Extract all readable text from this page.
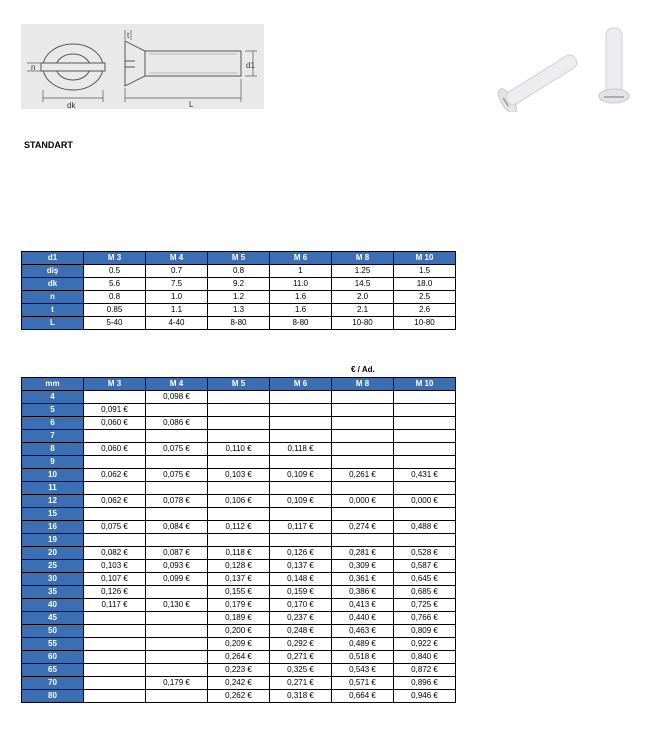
n
dk
t
d1
L
STANDART
d1	M 3	M 4	M 5	M 6	M 8	M 10
diş	0.5	0.7	0.8	1	1.25	1.5
dk	5.6	7.5	9.2	11.0	14.5	18.0
n	0.8	1.0	1.2	1.6	2.0	2.5
t	0.85	1.1	1.3	1.6	2.1	2.6
L	5-40	4-40	8-80	8-80	10-80	10-80
€ / Ad.
mm	M 3	M 4	M 5	M 6	M 8	M 10
4		0,098 €				
5	0,091 €					
6	0,060 €	0,086 €				
7						
8	0,060 €	0,075 €	0,110 €	0,118 €		
9						
10	0,062 €	0,075 €	0,103 €	0,109 €	0,261 €	0,431 €
11						
12	0,062 €	0,078 €	0,106 €	0,109 €	0,000 €	0,000 €
15						
16	0,075 €	0,084 €	0,112 €	0,117 €	0,274 €	0,488 €
19						
20	0,082 €	0,087 €	0,118 €	0,126 €	0,281 €	0,528 €
25	0,103 €	0,093 €	0,128 €	0,137 €	0,309 €	0,587 €
30	0,107 €	0,099 €	0,137 €	0,148 €	0,361 €	0,645 €
35	0,126 €		0,155 €	0,159 €	0,386 €	0,685 €
40	0,117 €	0,130 €	0,179 €	0,170 €	0,413 €	0,725 €
45			0,189 €	0,237 €	0,440 €	0,766 €
50			0,200 €	0,248 €	0,463 €	0,809 €
55			0,209 €	0,292 €	0,489 €	0,922 €
60			0,264 €	0,271 €	0,518 €	0,840 €
65			0,223 €	0,325 €	0,543 €	0,872 €
70		0,179 €	0,242 €	0,271 €	0,571 €	0,896 €
80			0,262 €	0,318 €	0,664 €	0,946 €
